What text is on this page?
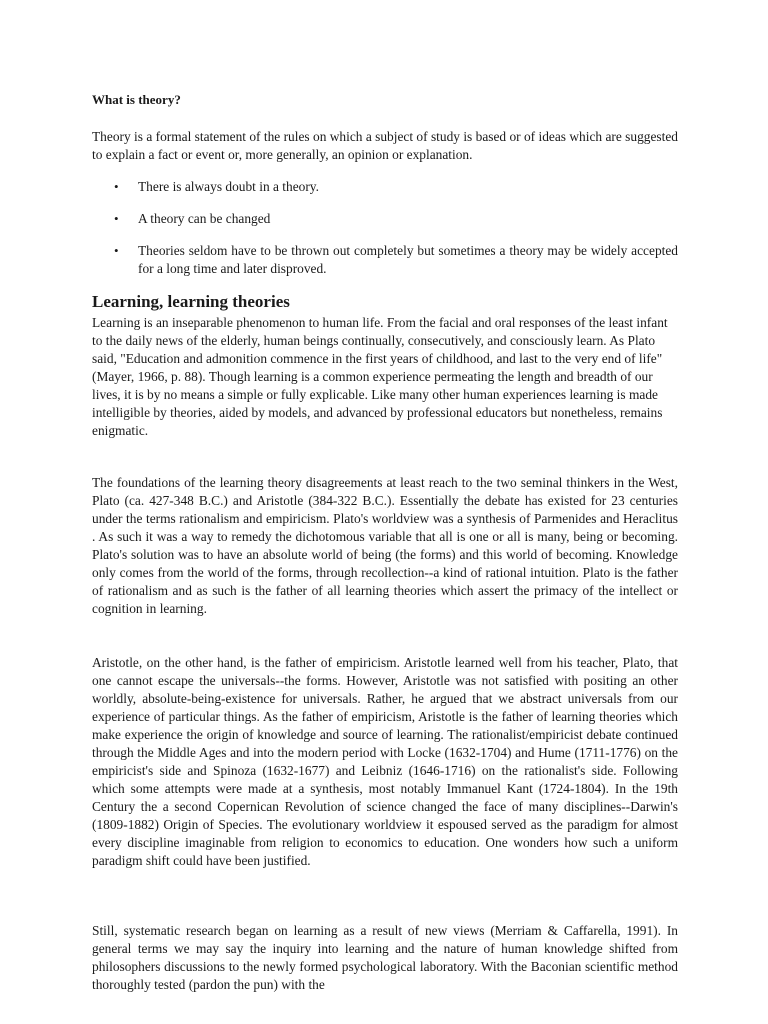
What is theory?

Theory is a formal statement of the rules on which a subject of study is based or of ideas which are suggested to explain a fact or event or, more generally, an opinion or explanation.

• There is always doubt in a theory.
• A theory can be changed
• Theories seldom have to be thrown out completely but sometimes a theory may be widely accepted for a long time and later disproved.
Learning, learning theories

Learning is an inseparable phenomenon to human life. From the facial and oral responses of the least infant to the daily news of the elderly, human beings continually, consecutively, and consciously learn. As Plato said, "Education and admonition commence in the first years of childhood, and last to the very end of life" (Mayer, 1966, p. 88). Though learning is a common experience permeating the length and breadth of our lives, it is by no means a simple or fully explicable. Like many other human experiences learning is made intelligible by theories, aided by models, and advanced by professional educators but nonetheless, remains enigmatic.

The foundations of the learning theory disagreements at least reach to the two seminal thinkers in the West, Plato (ca. 427-348 B.C.) and Aristotle (384-322 B.C.). Essentially the debate has existed for 23 centuries under the terms rationalism and empiricism. Plato's worldview was a synthesis of Parmenides and Heraclitus . As such it was a way to remedy the dichotomous variable that all is one or all is many, being or becoming. Plato's solution was to have an absolute world of being (the forms) and this world of becoming. Knowledge only comes from the world of the forms, through recollection--a kind of rational intuition. Plato is the father of rationalism and as such is the father of all learning theories which assert the primacy of the intellect or cognition in learning.

Aristotle, on the other hand, is the father of empiricism. Aristotle learned well from his teacher, Plato, that one cannot escape the universals--the forms. However, Aristotle was not satisfied with positing an other worldly, absolute-being-existence for universals. Rather, he argued that we abstract universals from our experience of particular things. As the father of empiricism, Aristotle is the father of learning theories which make experience the origin of knowledge and source of learning. The rationalist/empiricist debate continued through the Middle Ages and into the modern period with Locke (1632-1704) and Hume (1711-1776) on the empiricist's side and Spinoza (1632-1677) and Leibniz (1646-1716) on the rationalist's side. Following which some attempts were made at a synthesis, most notably Immanuel Kant (1724-1804). In the 19th Century the a second Copernican Revolution of science changed the face of many disciplines--Darwin's (1809-1882) Origin of Species. The evolutionary worldview it espoused served as the paradigm for almost every discipline imaginable from religion to economics to education. One wonders how such a uniform paradigm shift could have been justified.

Still, systematic research began on learning as a result of new views (Merriam & Caffarella, 1991). In general terms we may say the inquiry into learning and the nature of human knowledge shifted from philosophers discussions to the newly formed psychological laboratory. With the Baconian scientific method thoroughly tested (pardon the pun) with the
